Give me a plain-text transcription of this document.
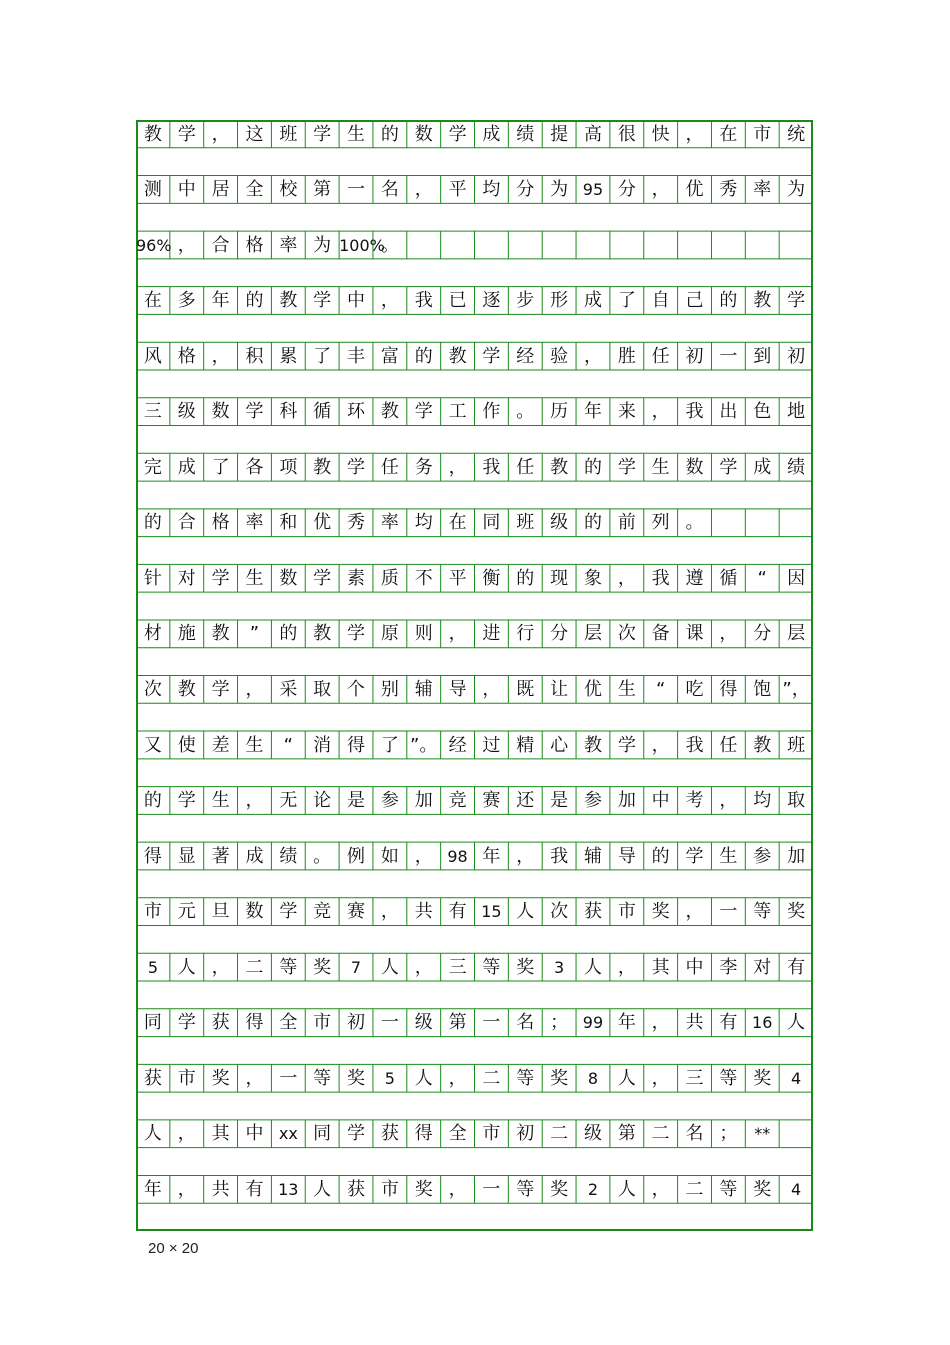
教 学 ， 这 班 学 生 的 数 学 成 绩 提 高 很 快 ， 在 市 统
测 中 居 全 校 第 一 名 ， 平 均 分 为 95 分 ， 优 秀 率 为
96% ， 合 格 率 为 100%
。
在 多 年 的 教 学 中 ， 我 已 逐 步 形 成 了 自 己 的 教 学
风 格 ， 积 累 了 丰 富 的 教 学 经 验 ， 胜 任 初 一 到 初
三 级 数 学 科 循 环 教 学 工 作 。 历 年 来 ， 我 出 色 地
完 成 了 各 项 教 学 任 务 ， 我 任 教 的 学 生 数 学 成 绩
的 合 格 率 和 优 秀 率 均 在 同 班 级 的 前 列 。
针 对 学 生 数 学 素 质 不 平 衡 的 现 象 ， 我 遵 循	“	因
材 施 教	”	的 教 学 原 则 ， 进 行 分 层 次 备 课 ， 分 层
次 教 学 ， 采 取 个 别 辅 导 ， 既 让 优 生	“	吃 得 饱 ”，
又 使 差 生	“	消 得 了 ”。 经 过 精 心 教 学 ， 我 任 教 班
的 学 生 ， 无 论 是 参 加 竞 赛 还 是 参 加 中 考 ， 均 取
得 显 著 成 绩 。 例 如 ， 98 年 ， 我 辅 导 的 学 生 参 加
市 元 旦 数 学 竞 赛 ， 共 有 15 人 次 获 市 奖 ， 一 等 奖
5	人 ， 二 等 奖	7	人 ， 三 等 奖	3	人 ， 其 中 李 对 有
同 学 获 得 全 市 初 一 级 第 一 名 ； 99 年 ， 共 有 16 人
获 市 奖 ， 一 等 奖	5	人 ， 二 等 奖	8	人 ， 三 等 奖	4
人 ， 其 中 xx 同 学 获 得 全 市 初 二 级 第 二 名 ；	**
年 ， 共 有 13 人 获 市 奖 ， 一 等 奖	2	人 ， 二 等 奖	4
20 × 20
